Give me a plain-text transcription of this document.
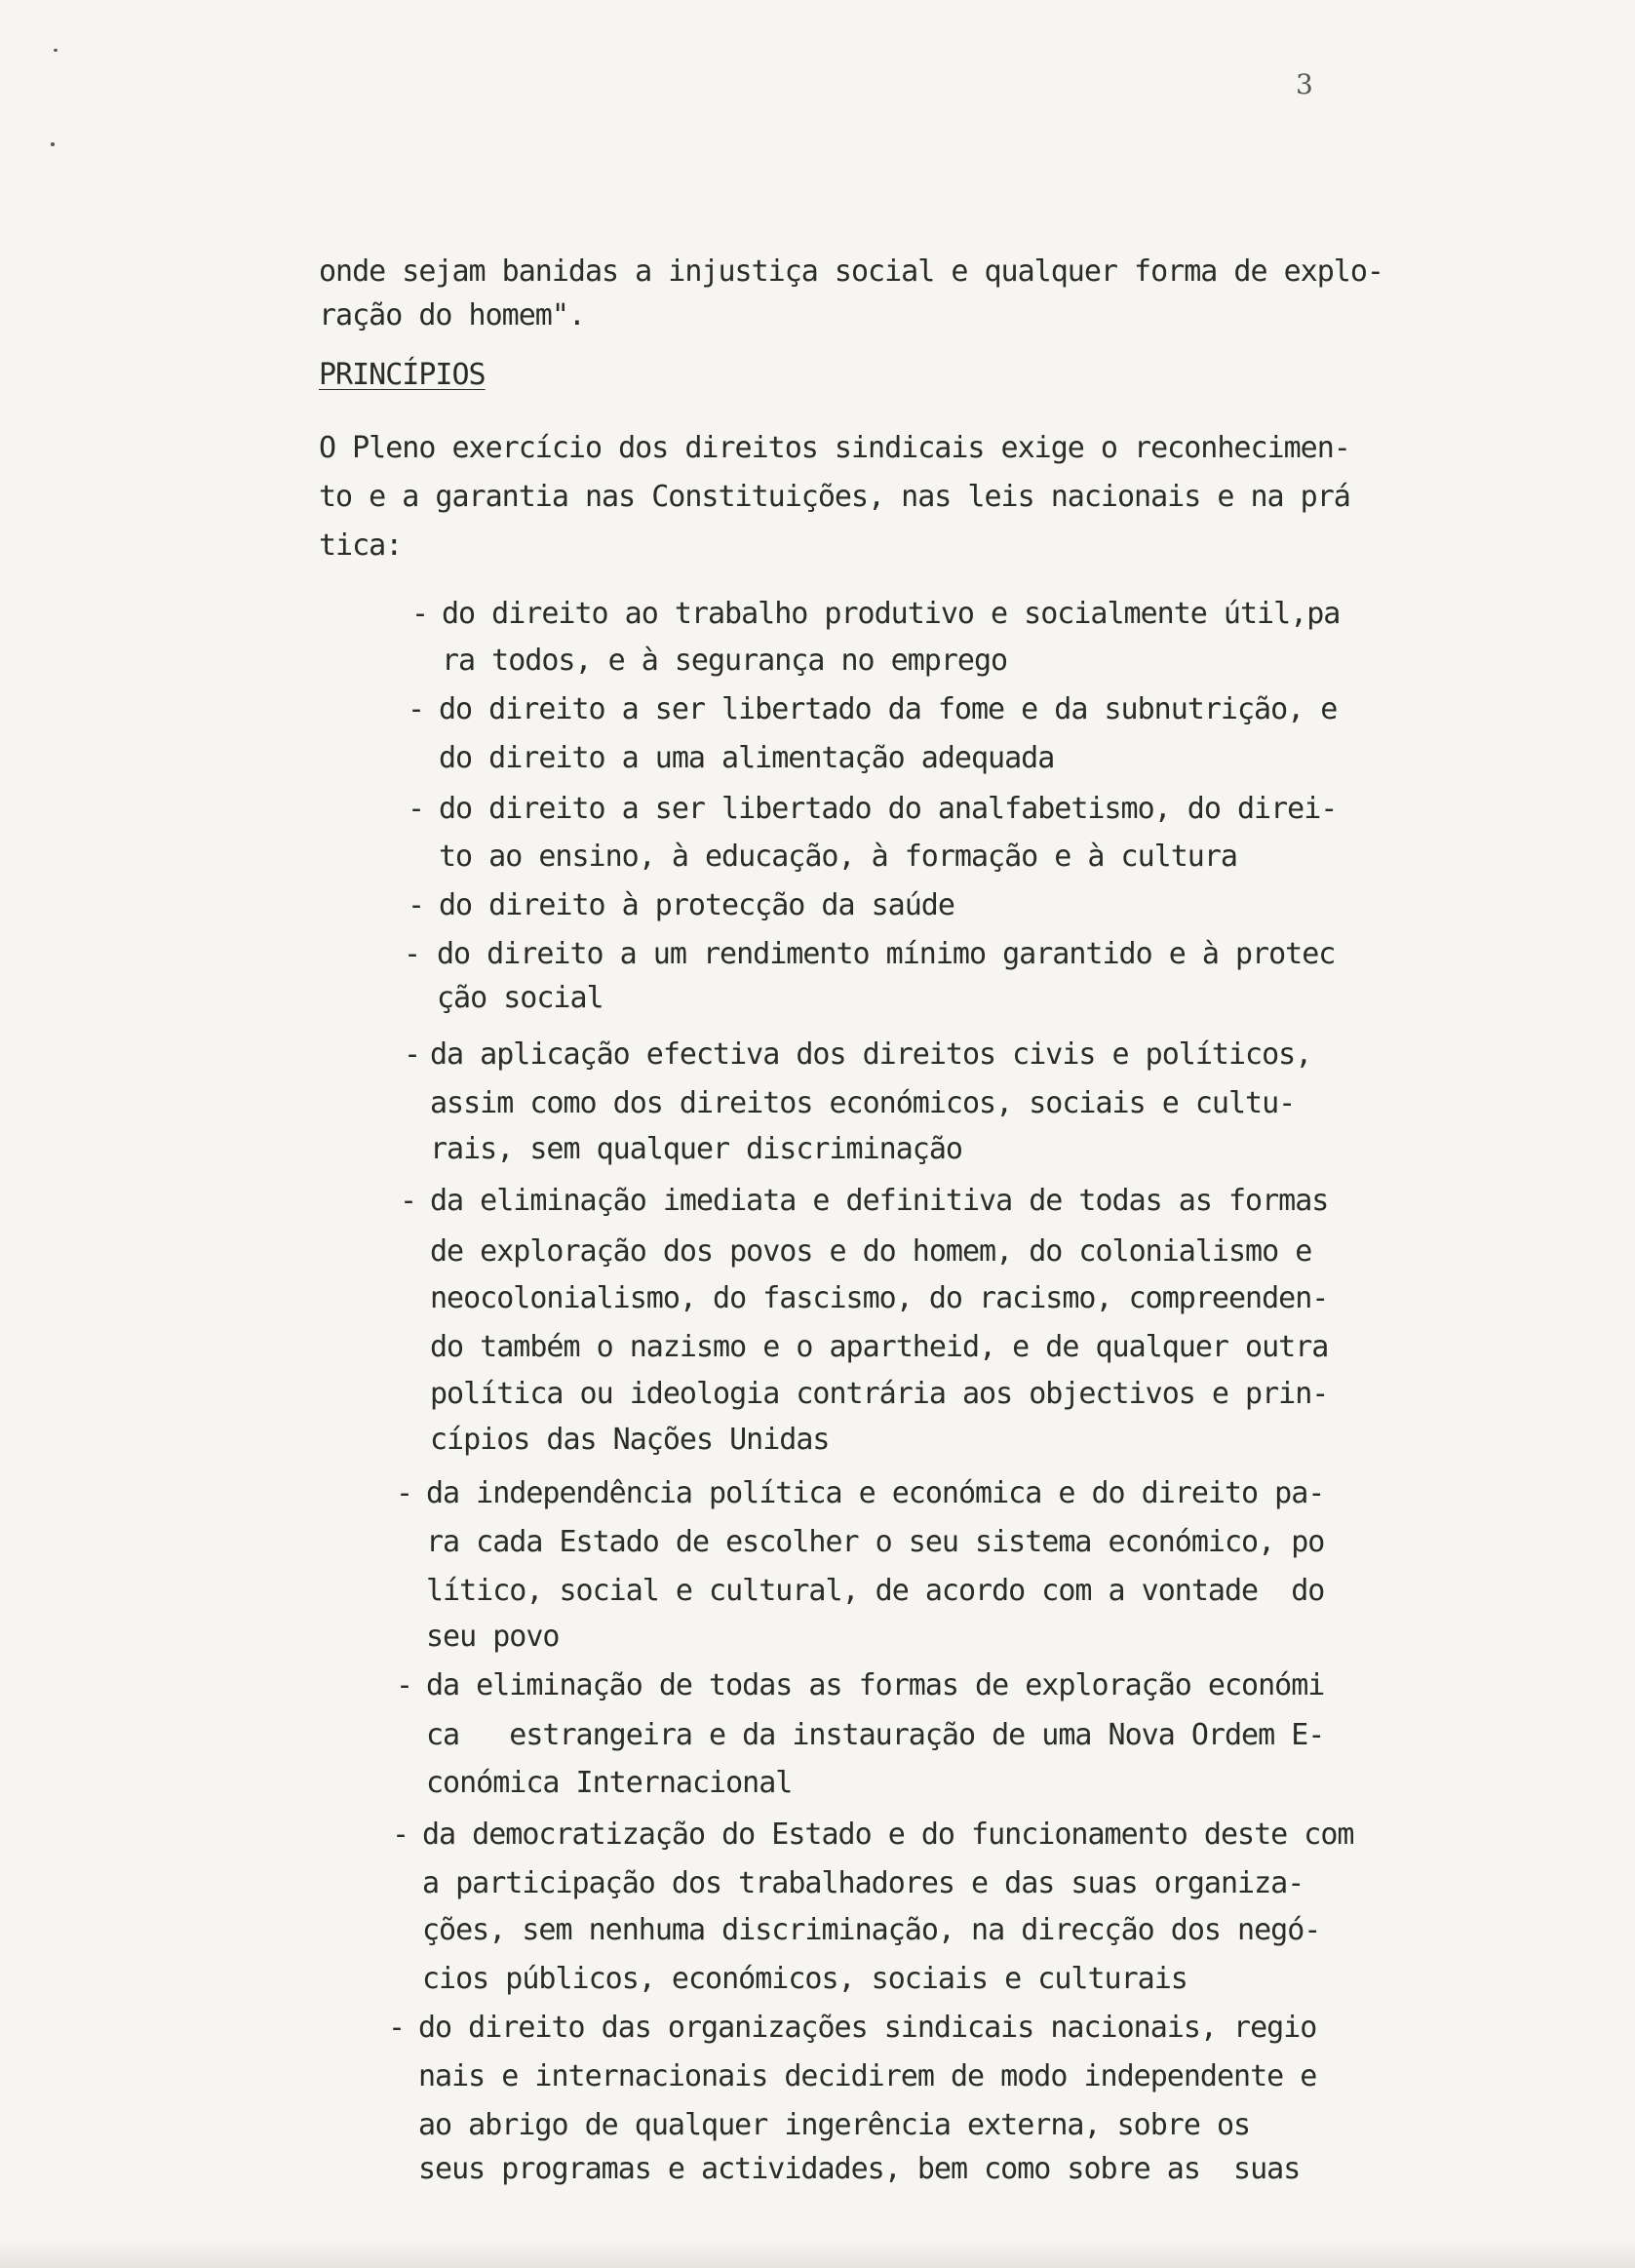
3
onde sejam banidas a injustiça social e qualquer forma de explo-
ração do homem".
PRINCÍPIOS
O Pleno exercício dos direitos sindicais exige o reconhecimen-
to e a garantia nas Constituições, nas leis nacionais e na prá
tica:
- do direito ao trabalho produtivo e socialmente útil,pa
ra todos, e à segurança no emprego
- do direito a ser libertado da fome e da subnutrição, e
do direito a uma alimentação adequada
- do direito a ser libertado do analfabetismo, do direi-
to ao ensino, à educação, à formação e à cultura
- do direito à protecção da saúde
- do direito a um rendimento mínimo garantido e à protec
ção social
- da aplicação efectiva dos direitos civis e políticos,
assim como dos direitos económicos, sociais e cultu-
rais, sem qualquer discriminação
- da eliminação imediata e definitiva de todas as formas
de exploração dos povos e do homem, do colonialismo e
neocolonialismo, do fascismo, do racismo, compreenden-
do também o nazismo e o apartheid, e de qualquer outra
política ou ideologia contrária aos objectivos e prin-
cípios das Nações Unidas
- da independência política e económica e do direito pa-
ra cada Estado de escolher o seu sistema económico, po
lítico, social e cultural, de acordo com a vontade  do
seu povo
- da eliminação de todas as formas de exploração económi
ca   estrangeira e da instauração de uma Nova Ordem E-
conómica Internacional
- da democratização do Estado e do funcionamento deste com
a participação dos trabalhadores e das suas organiza-
ções, sem nenhuma discriminação, na direcção dos negó-
cios públicos, económicos, sociais e culturais
- do direito das organizações sindicais nacionais, regio
nais e internacionais decidirem de modo independente e
ao abrigo de qualquer ingerência externa, sobre os
seus programas e actividades, bem como sobre as  suas
